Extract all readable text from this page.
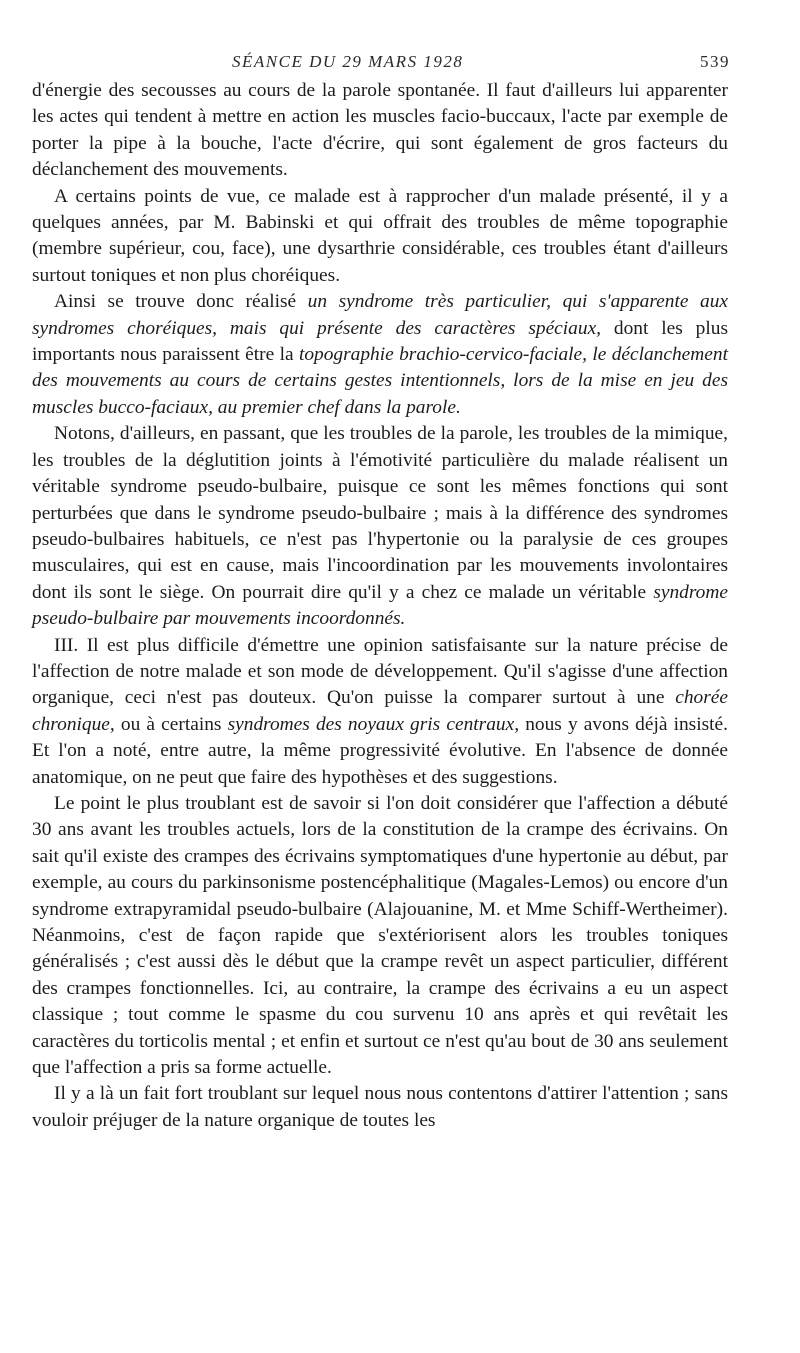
SÉANCE DU 29 MARS 1928	539

d'énergie des secousses au cours de la parole spontanée. Il faut d'ailleurs lui apparenter les actes qui tendent à mettre en action les muscles facio-buccaux, l'acte par exemple de porter la pipe à la bouche, l'acte d'écrire, qui sont également de gros facteurs du déclanchement des mouvements.

A certains points de vue, ce malade est à rapprocher d'un malade présenté, il y a quelques années, par M. Babinski et qui offrait des troubles de même topographie (membre supérieur, cou, face), une dysarthrie considérable, ces troubles étant d'ailleurs surtout toniques et non plus choréiques.

Ainsi se trouve donc réalisé un syndrome très particulier, qui s'apparente aux syndromes choréiques, mais qui présente des caractères spéciaux, dont les plus importants nous paraissent être la topographie brachio-cervico-faciale, le déclanchement des mouvements au cours de certains gestes intentionnels, lors de la mise en jeu des muscles bucco-faciaux, au premier chef dans la parole.

Notons, d'ailleurs, en passant, que les troubles de la parole, les troubles de la mimique, les troubles de la déglutition joints à l'émotivité particulière du malade réalisent un véritable syndrome pseudo-bulbaire, puisque ce sont les mêmes fonctions qui sont perturbées que dans le syndrome pseudo-bulbaire ; mais à la différence des syndromes pseudo-bulbaires habituels, ce n'est pas l'hypertonie ou la paralysie de ces groupes musculaires, qui est en cause, mais l'incoordination par les mouvements involontaires dont ils sont le siège. On pourrait dire qu'il y a chez ce malade un véritable syndrome pseudo-bulbaire par mouvements incoordonnés.

III. Il est plus difficile d'émettre une opinion satisfaisante sur la nature précise de l'affection de notre malade et son mode de développement. Qu'il s'agisse d'une affection organique, ceci n'est pas douteux. Qu'on puisse la comparer surtout à une chorée chronique, ou à certains syndromes des noyaux gris centraux, nous y avons déjà insisté. Et l'on a noté, entre autre, la même progressivité évolutive. En l'absence de donnée anatomique, on ne peut que faire des hypothèses et des suggestions.

Le point le plus troublant est de savoir si l'on doit considérer que l'affection a débuté 30 ans avant les troubles actuels, lors de la constitution de la crampe des écrivains. On sait qu'il existe des crampes des écrivains symptomatiques d'une hypertonie au début, par exemple, au cours du parkinsonisme postencéphalitique (Magales-Lemos) ou encore d'un syndrome extrapyramidal pseudo-bulbaire (Alajouanine, M. et Mme Schiff-Wertheimer). Néanmoins, c'est de façon rapide que s'extériorisent alors les troubles toniques généralisés ; c'est aussi dès le début que la crampe revêt un aspect particulier, différent des crampes fonctionnelles. Ici, au contraire, la crampe des écrivains a eu un aspect classique ; tout comme le spasme du cou survenu 10 ans après et qui revêtait les caractères du torticolis mental ; et enfin et surtout ce n'est qu'au bout de 30 ans seulement que l'affection a pris sa forme actuelle.

Il y a là un fait fort troublant sur lequel nous nous contentons d'attirer l'attention ; sans vouloir préjuger de la nature organique de toutes les
